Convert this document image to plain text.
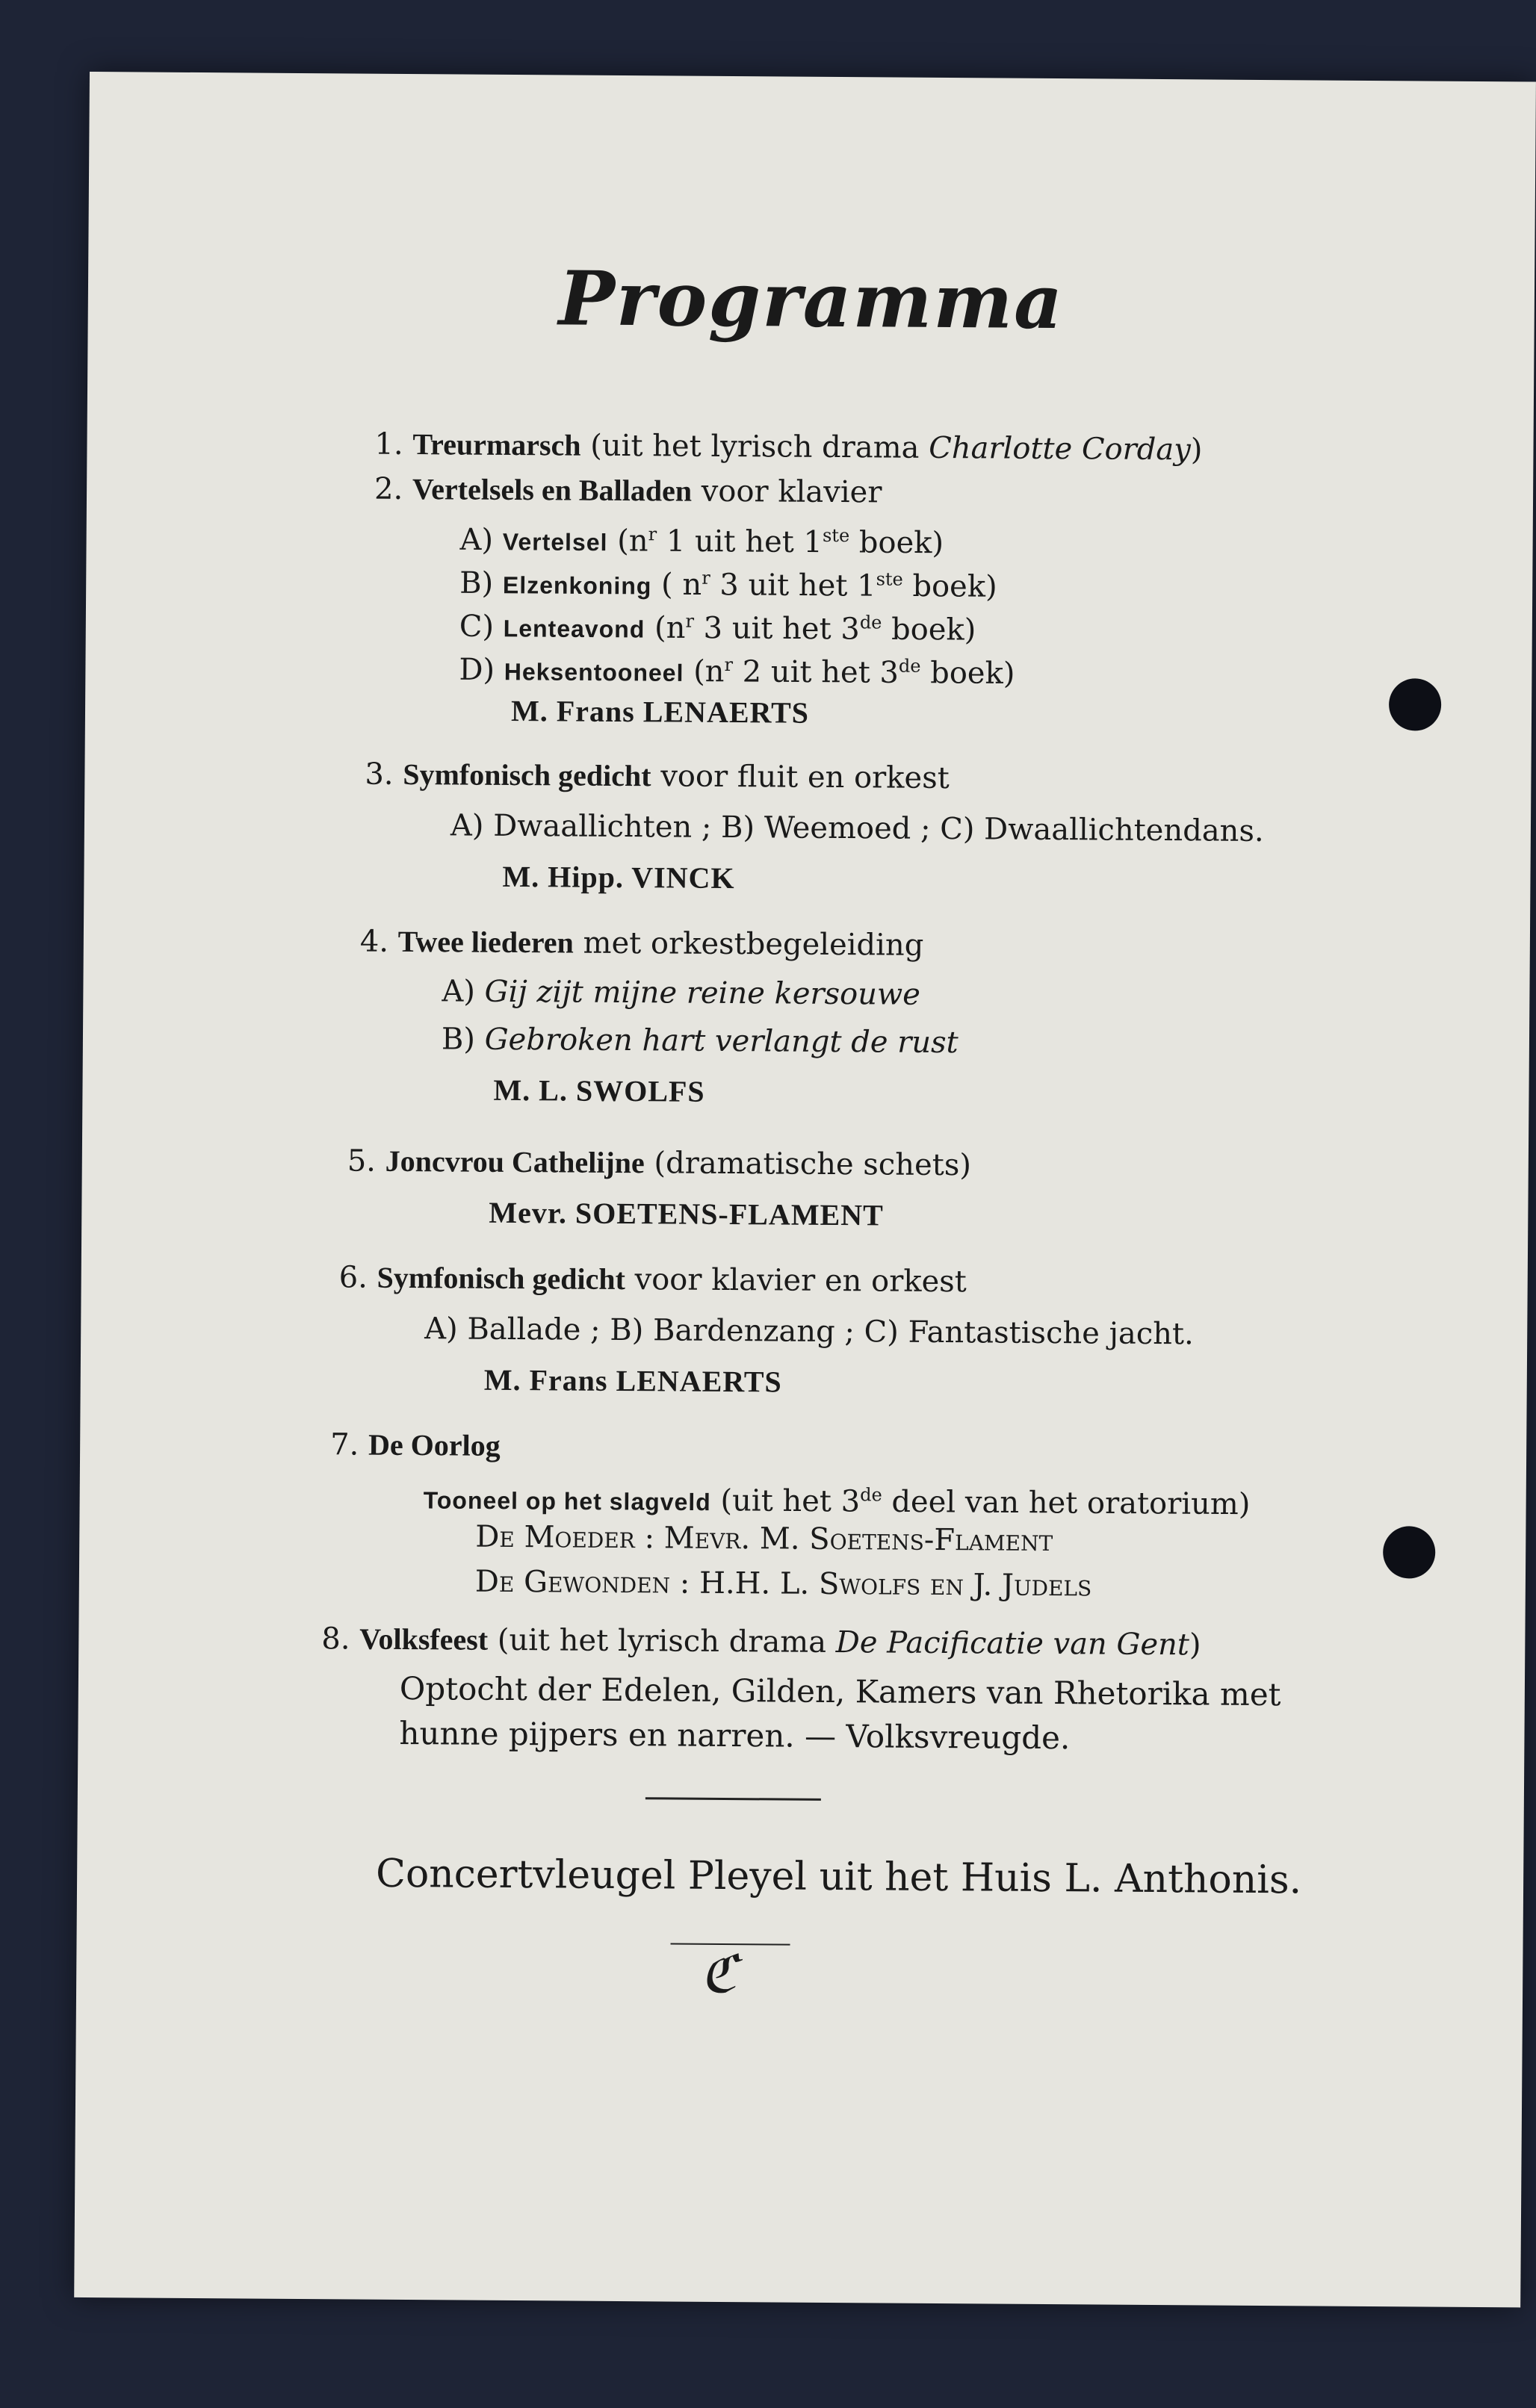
Programma
1. Treurmarsch (uit het lyrisch drama Charlotte Corday)
2. Vertelsels en Balladen voor klavier
A) Vertelsel ($n^r$ 1 uit het 1ste boek)
B) Elzenkoning ( $n^r$ 3 uit het 1ste boek)
C) Lenteavond ($n^r$ 3 uit het 3de boek)
D) Heksentooneel ($n^r$ 2 uit het 3de boek)
M. Frans LENAERTS
3. Symfonisch gedicht voor fluit en orkest
A) Dwaallichten ; B) Weemoed ; C) Dwaallichtendans.
M. Hipp. VINCK
4. Twee liederen met orkestbegeleiding
A) Gij zijt mijne reine kersouwe
B) Gebroken hart verlangt de rust
M. L. SWOLFS
5. Joncvrou Cathelijne (dramatische schets)
Mevr. SOETENS-FLAMENT
6. Symfonisch gedicht voor klavier en orkest
A) Ballade ; B) Bardenzang ; C) Fantastische jacht.
M. Frans LENAERTS
7. De Oorlog
Tooneel op het slagveld (uit het 3de deel van het oratorium)
De Moeder : Mevr. M. Soetens-Flament
De Gewonden : H.H. L. Swolfs en J. Judels
8. Volksfeest (uit het lyrisch drama De Pacificatie van Gent)
Optocht der Edelen, Gilden, Kamers van Rhetorika met
hunne pijpers en narren. — Volksvreugde.
Concertvleugel Pleyel uit het Huis L. Anthonis.
ℭ
